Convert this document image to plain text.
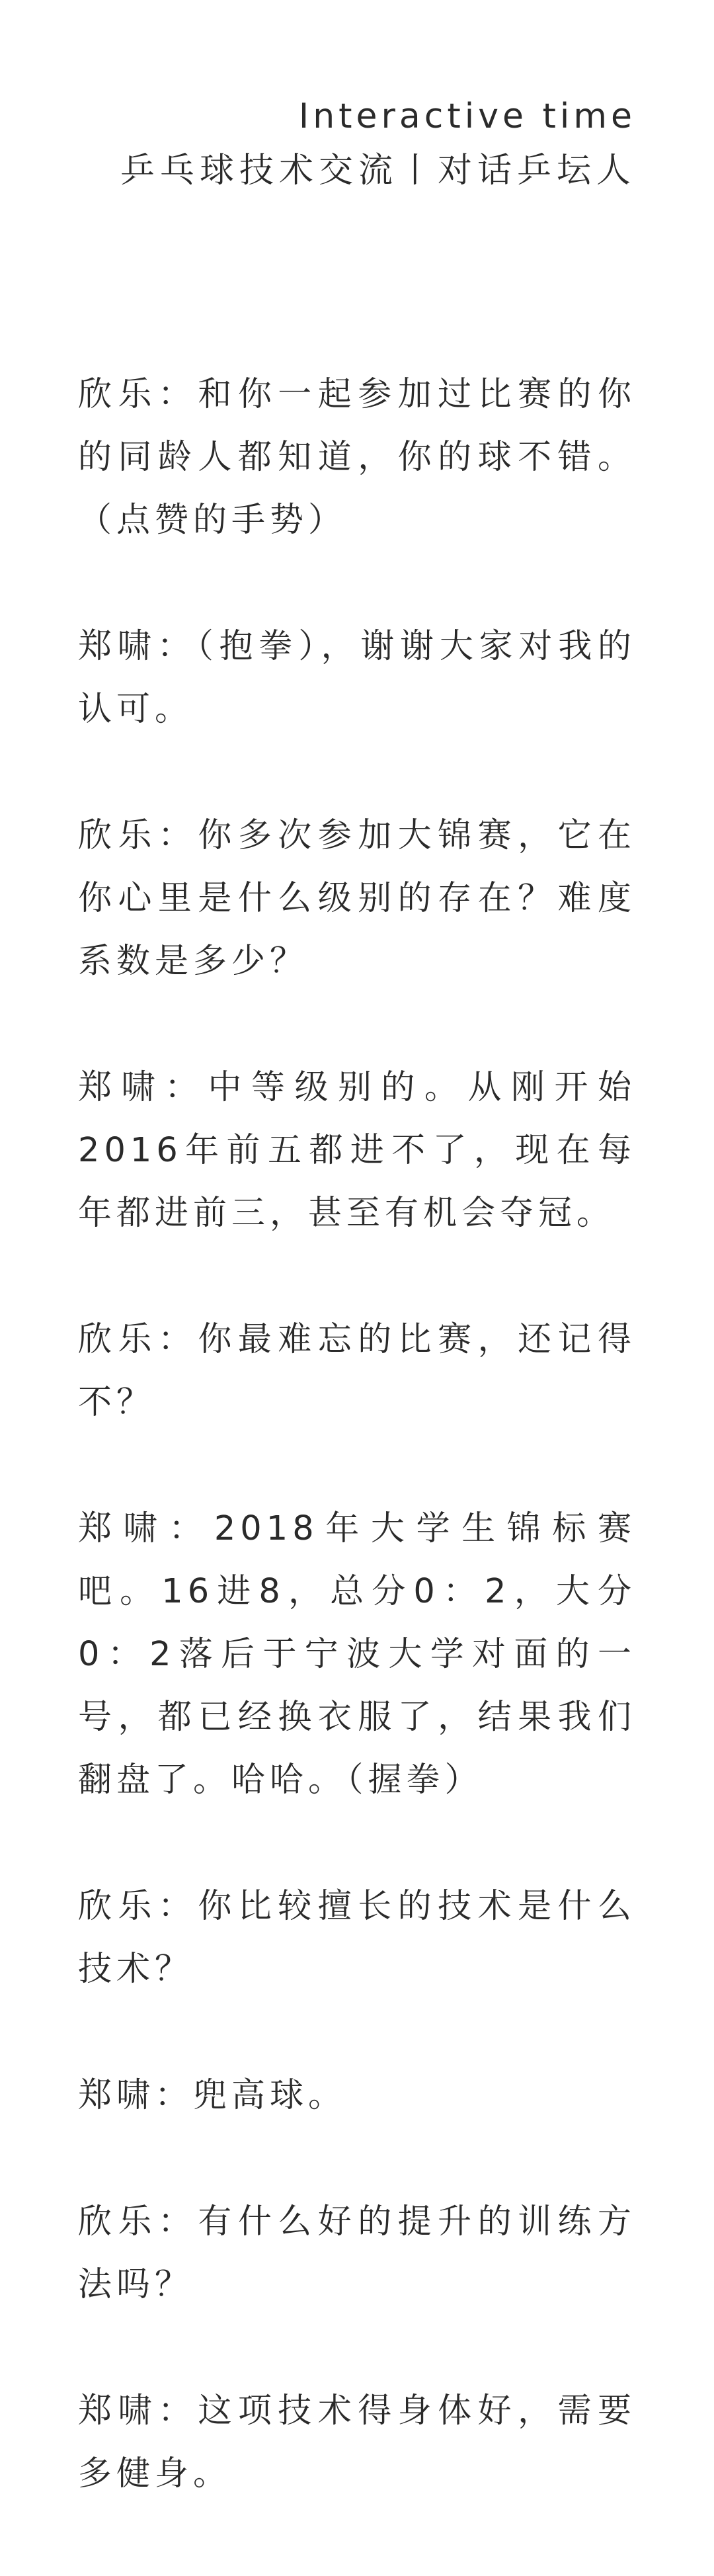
Interactive time
乒乓球技术交流丨对话乒坛人

欣乐：和你一起参加过比赛的你的同龄人都知道，你的球不错。（点赞的手势）

郑啸：（抱拳），谢谢大家对我的认可。

欣乐：你多次参加大锦赛，它在你心里是什么级别的存在？难度系数是多少？

郑啸：中等级别的。从刚开始2016年前五都进不了，现在每年都进前三，甚至有机会夺冠。

欣乐：你最难忘的比赛，还记得不？

郑啸：2018年大学生锦标赛吧。16进8，总分0：2，大分0：2落后于宁波大学对面的一号，都已经换衣服了，结果我们翻盘了。哈哈。（握拳）

欣乐：你比较擅长的技术是什么技术？

郑啸：兜高球。

欣乐：有什么好的提升的训练方法吗？

郑啸：这项技术得身体好，需要多健身。
